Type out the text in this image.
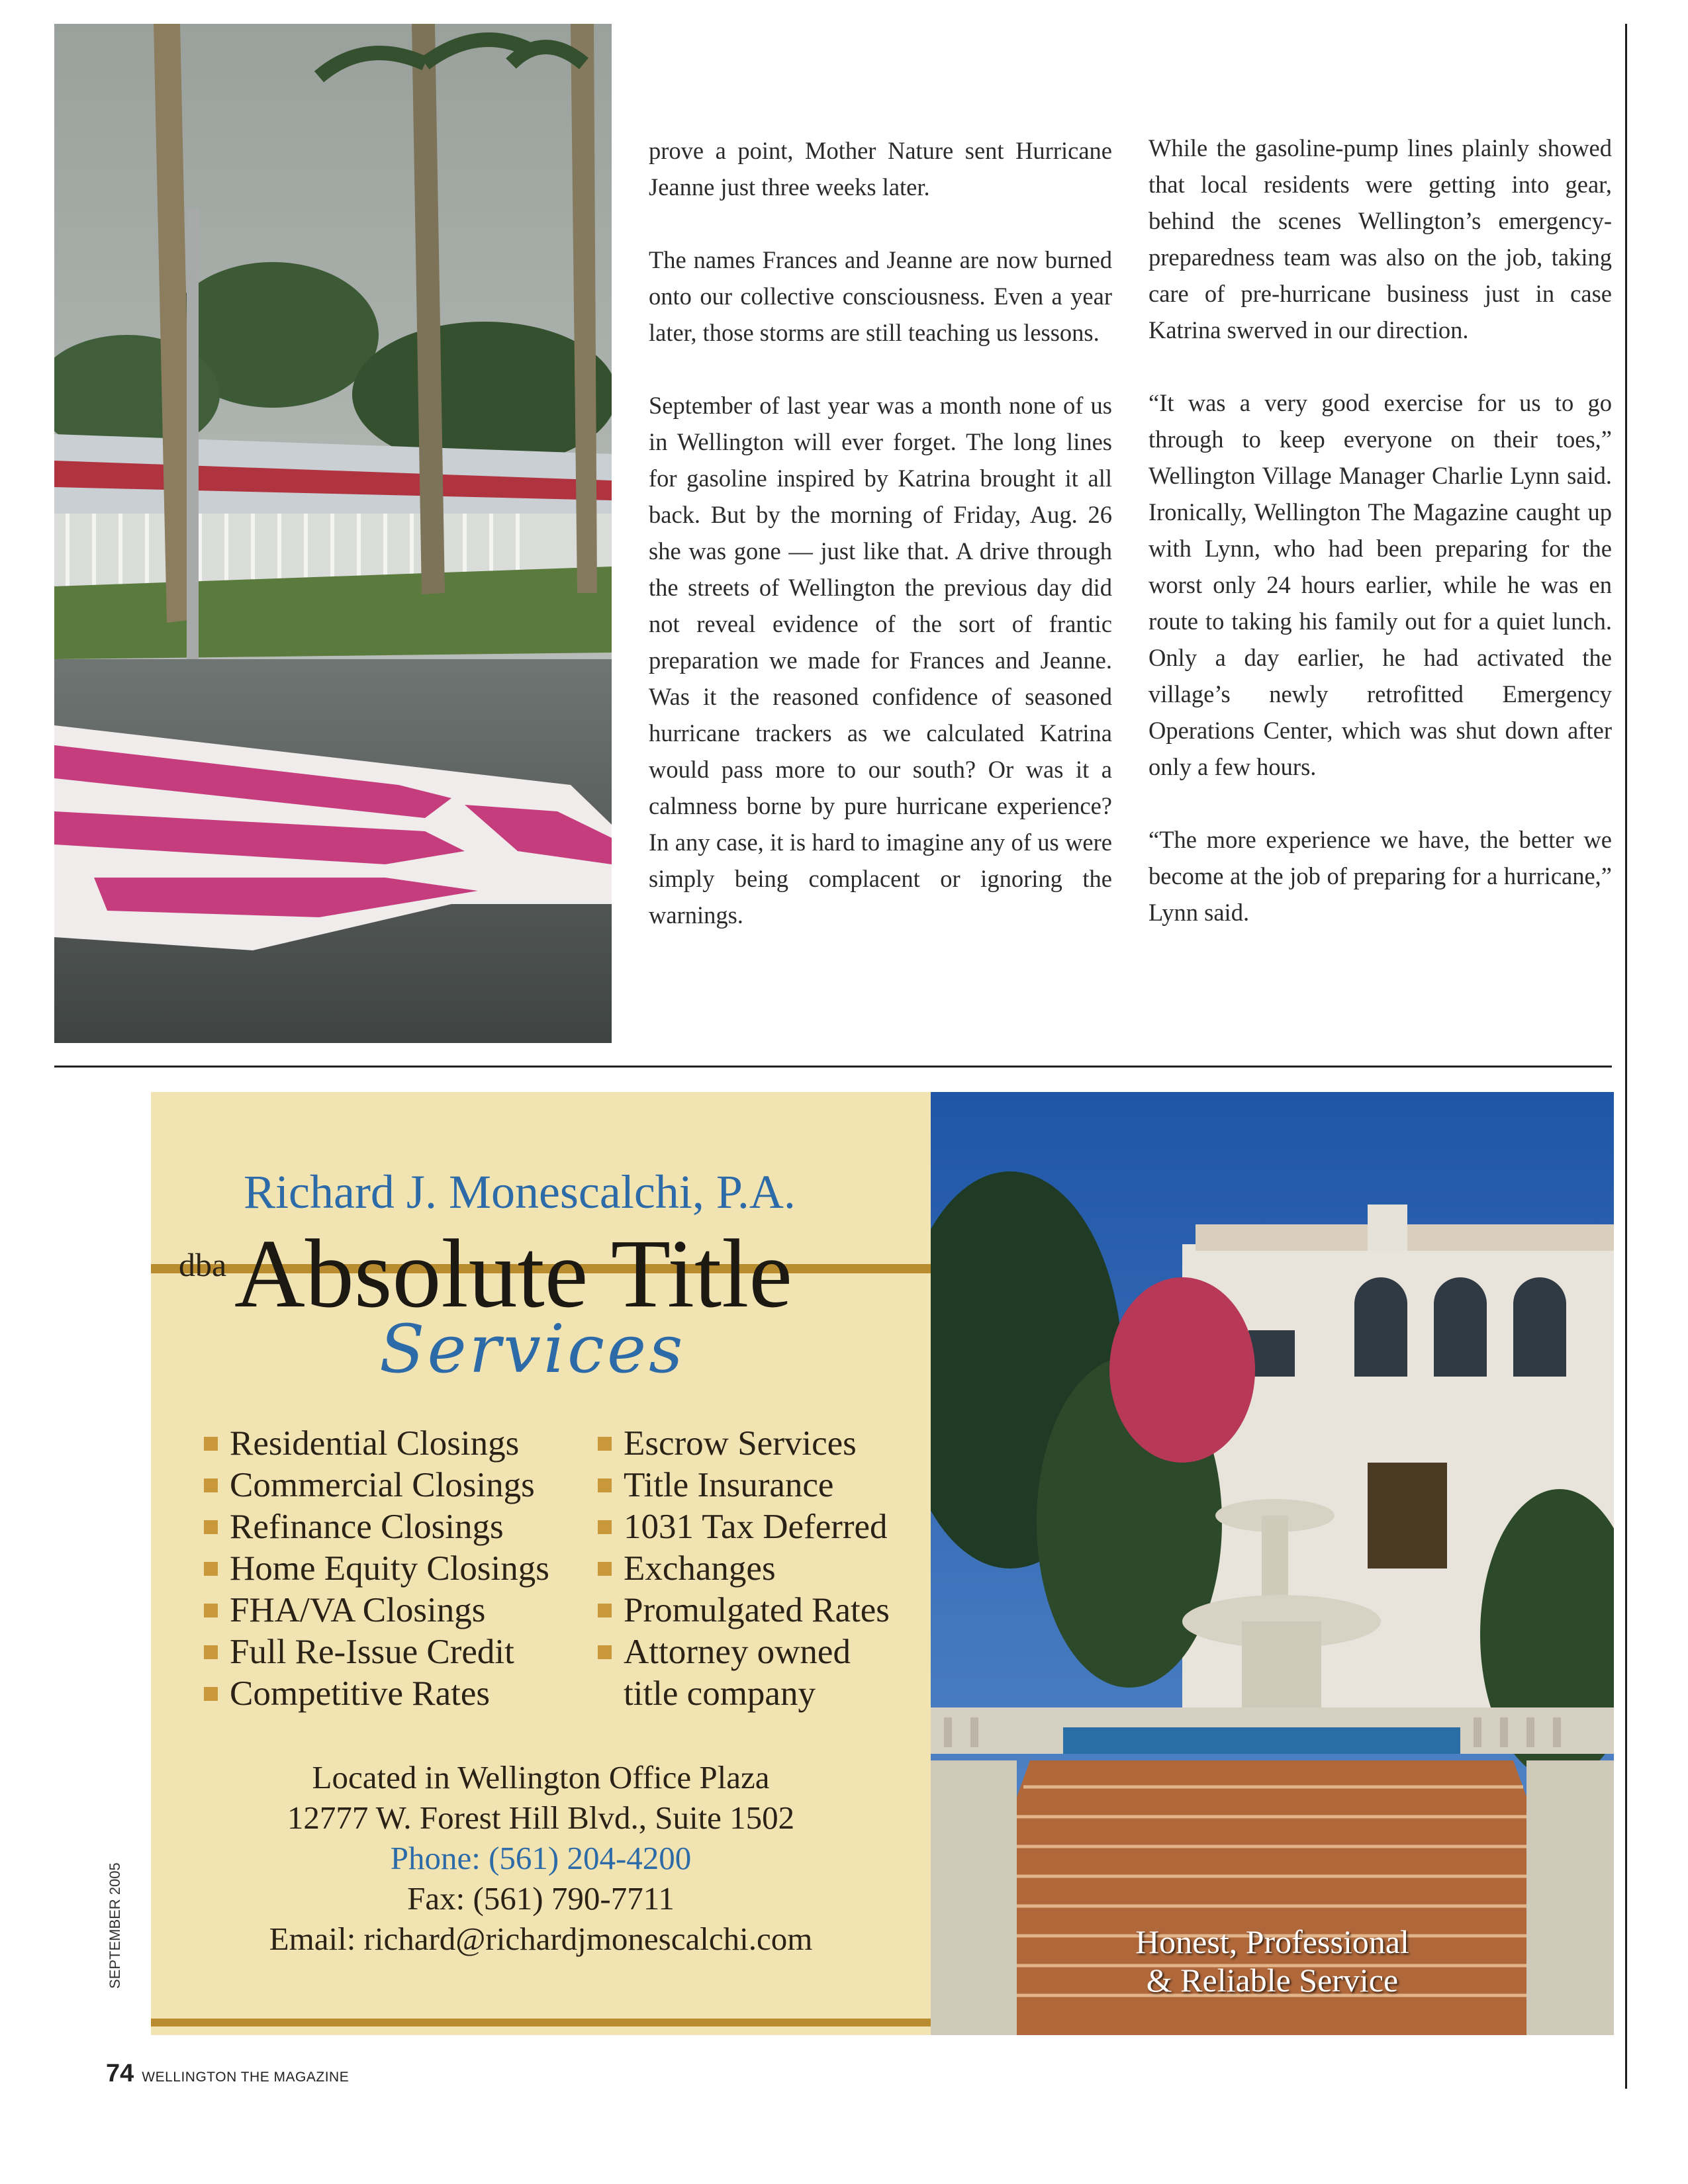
prove a point, Mother Nature sent Hurricane Jeanne just three weeks later.

The names Frances and Jeanne are now burned onto our collective consciousness. Even a year later, those storms are still teaching us lessons.

September of last year was a month none of us in Wellington will ever forget. The long lines for gasoline inspired by Katrina brought it all back. But by the morning of Friday, Aug. 26 she was gone — just like that. A drive through the streets of Wellington the previous day did not reveal evidence of the sort of frantic preparation we made for Frances and Jeanne. Was it the reasoned confidence of seasoned hurricane trackers as we calculated Katrina would pass more to our south? Or was it a calmness borne by pure hurricane experience? In any case, it is hard to imagine any of us were simply being complacent or ignoring the warnings.

While the gasoline-pump lines plainly showed that local residents were getting into gear, behind the scenes Wellington’s emergency-preparedness team was also on the job, taking care of pre-hurricane business just in case Katrina swerved in our direction.

“It was a very good exercise for us to go through to keep everyone on their toes,” Wellington Village Manager Charlie Lynn said. Ironically, Wellington The Magazine caught up with Lynn, who had been preparing for the worst only 24 hours earlier, while he was en route to taking his family out for a quiet lunch. Only a day earlier, he had activated the village’s newly retrofitted Emergency Operations Center, which was shut down after only a few hours.

“The more experience we have, the better we become at the job of preparing for a hurricane,” Lynn said.

Richard J. Monescalchi, P.A.
dba Absolute Title
Services
Residential Closings
Commercial Closings
Refinance Closings
Home Equity Closings
FHA/VA Closings
Full Re-Issue Credit
Competitive Rates
Escrow Services
Title Insurance
1031 Tax Deferred
Exchanges
Promulgated Rates
Attorney owned
title company
Located in Wellington Office Plaza
12777 W. Forest Hill Blvd., Suite 1502
Phone: (561) 204-4200
Fax: (561) 790-7711
Email: richard@richardjmonescalchi.com	Honest, Professional
& Reliable Service
SEPTEMBER 2005
74 WELLINGTON THE MAGAZINE
